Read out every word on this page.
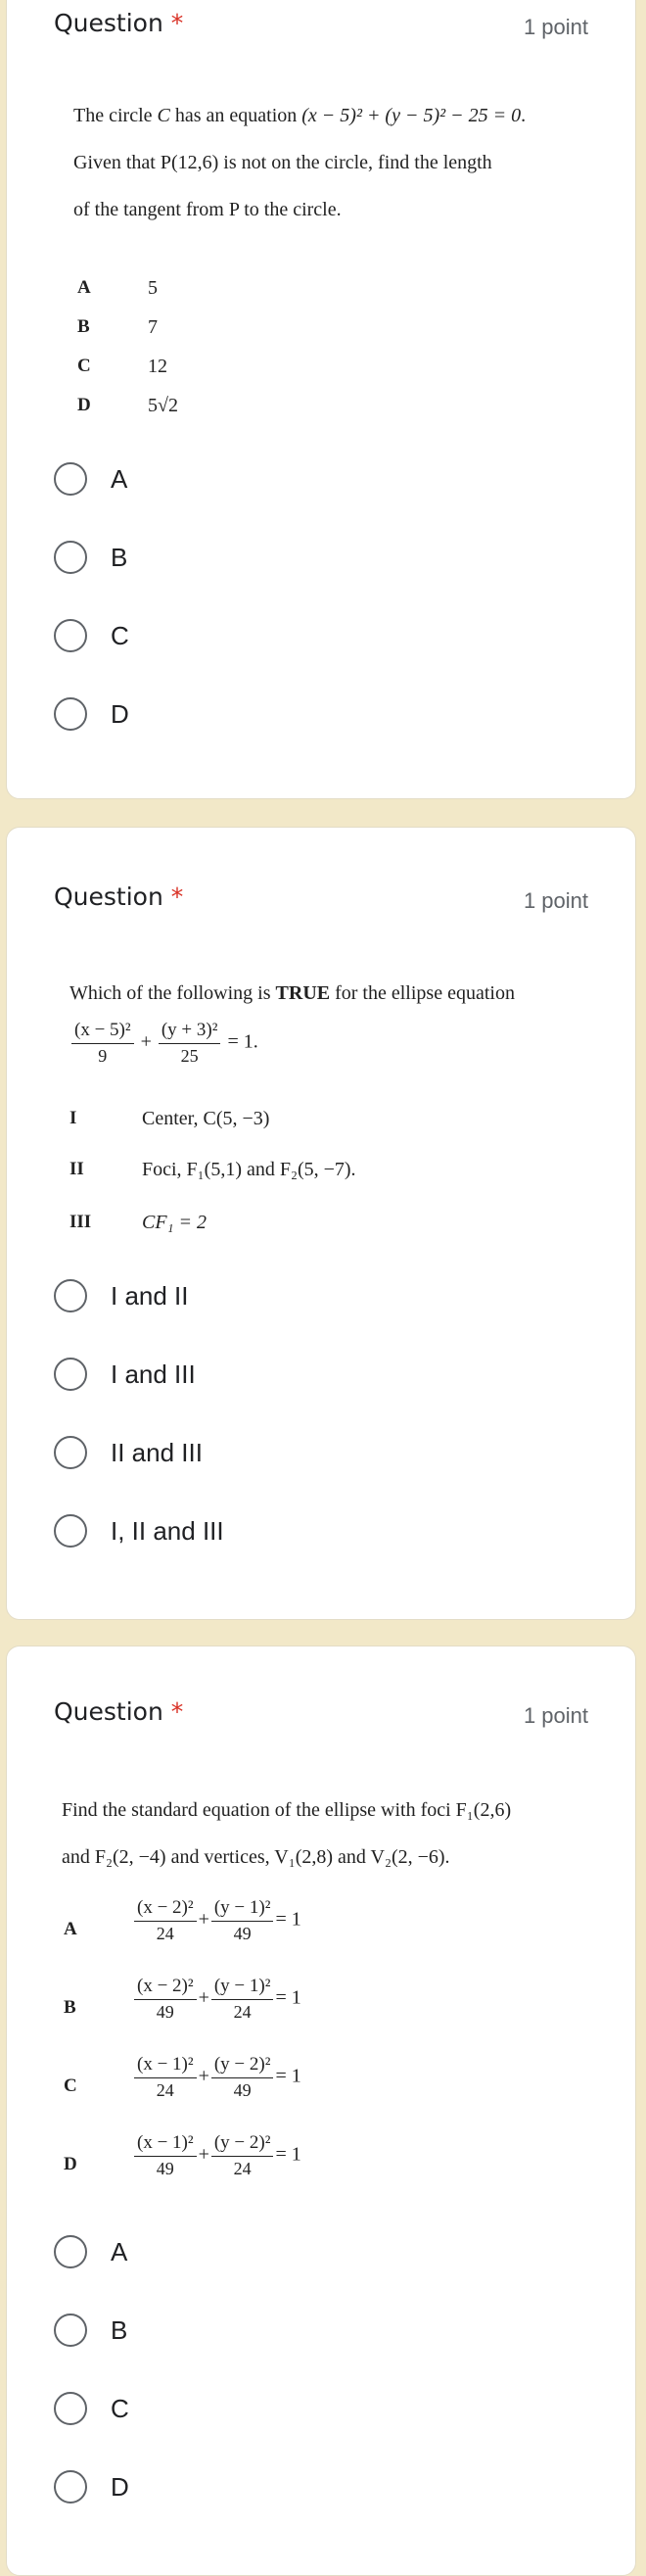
Question *	1 point
The circle C has an equation (x − 5)² + (y − 5)² − 25 = 0.
Given that P(12,6) is not on the circle, find the length
of the tangent from P to the circle.
A	5
B	7
C	12
D	5√2
A
B
C
D
Question *	1 point
Which of the following is TRUE for the ellipse equation
$\frac{\text{(x − 5)²}}{9} + \frac{\text{(y + 3)²}}{25} = 1$.
I	Center, C(5, −3)
II	Foci, F₁(5,1) and F₂(5, −7).
III	CF₁ = 2
I and II
I and III
II and III
I, II and III
Question *	1 point
Find the standard equation of the ellipse with foci F₁(2,6)
and F₂(2, −4) and vertices, V₁(2,8) and V₂(2, −6).
A	$\frac{\text{(x − 2)²}}{24} + \frac{\text{(y − 1)²}}{49} = 1$
B	$\frac{\text{(x − 2)²}}{49} + \frac{\text{(y − 1)²}}{24} = 1$
C	$\frac{\text{(x − 1)²}}{24} + \frac{\text{(y − 2)²}}{49} = 1$
D	$\frac{\text{(x − 1)²}}{49} + \frac{\text{(y − 2)²}}{24} = 1$
A
B
C
D
